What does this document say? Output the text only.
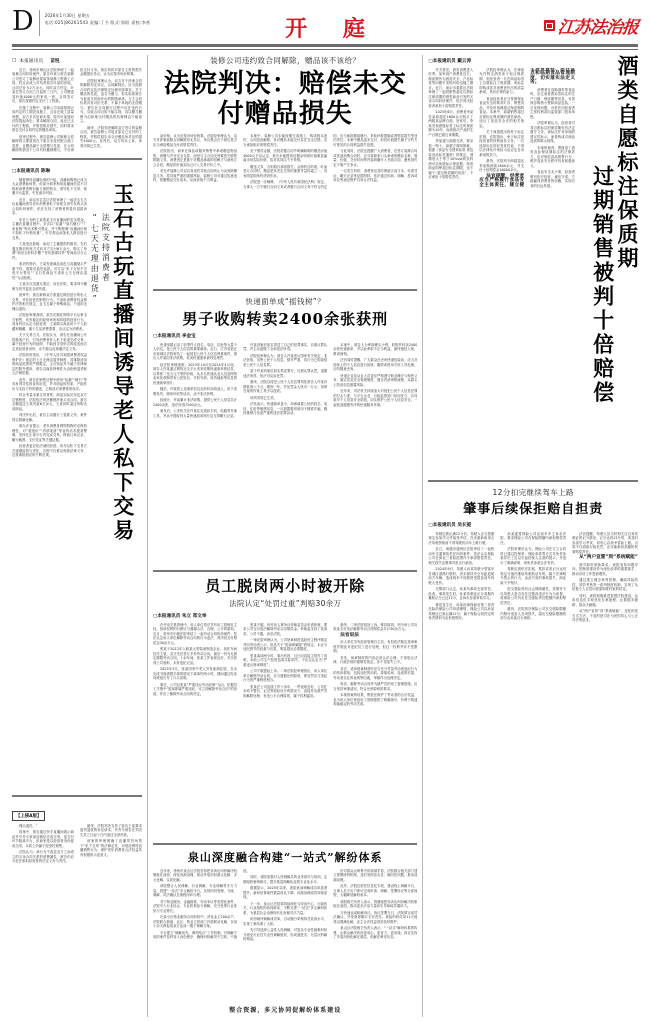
D	2026年1月30日 星期五
电话:025|86261543 责编:丁予 版式:郭阳 责校:李香	开 庭	江苏法治报
□ 本报通讯员 苗悦

近日，徐州市铜山区法院审理了一起装修合同纠纷案件，原告叶某与被告装修公司签订了装修房屋装饰装修工程施工合同，约定由该公司负责原告叶某的房屋，合同总价为2万余元。同时双方约定，叶某在签订合同之日起的三日内，公司赠送其价值4000元的家电一套。合同签订后，原告按照约定支付了工程款。

在施工过程中，装修公司未能按照合同约定的工期完成施工，且存在施工质量问题，双方多次协商未果。原告叶某遂向法院提起诉讼，要求解除合同，返还已支付的工程款，并赔偿相应损失，同时要求被告交付合同约定的赠品家电。

庭审过程中，被告装修公司辩称合同解除的主要原因在于原告未及时配合施工进度，且赠品属于无偿赠与性质，在合同解除的情况下公司有权撤销赠与，不应承担交付义务。被告同时对原告主张的损失金额提出异议，认为应按市场价核算。

法院经审理认为，双方对于涉案合同的解除均无异议，合同解除后，应当按照合同约定及法律规定处理后续事宜。关于赠品的性质，虽名为赠与，但实际系被告为促成交易而作出的附随承诺，与主合同价款具有对价关系，不属于单纯的无偿赠与。被告在合同履行过程中存在违约行为，导致合同目的不能实现，其以赠与撤销为由拒绝交付赠品的抗辩理由不能成立。

最终，法院判决解除双方签订的装修合同，被告装修公司返还原告已支付的工程款，并赔偿原告未交付赠品所对应的损失4000元。宣判后，双方均未上诉，该判决现已生效。

□本报通讯员 陈琳

随着网络直播电商的兴起，直播间购物已成为大众消费新场景，但部分商家利用直播间信息不对称和消费者辨识能力弱的特点，诱导私下交易，规避平台监管，引发诸多纠纷。

近日，南京市玄武区法院审理了一起因玉石古玩直播间诱导老年消费者私下转账交易引发的买卖合同纠纷案件，依法支持了消费者的退货退款诉求。

年近七旬的王某系某玉石直播间的忠实观众。主播在直播过程中，多次以“捡漏”“原石赌石”“厂家直销”等话术吸引观众，并不断强调“直播间价格不如私下价格优惠”，引导观众添加私人微信进行交易。

王某受此影响，添加了主播提供的微信，先后通过微信转账方式向对方支付6万余元，购买了所谓“和田玉籽料手镯”“老坑翡翠挂件”等商品共计五件。

收到货物后，王某发现商品成色与直播展示严重不符，遂要求退货退款。对方以“私下交易不享受平台售后”“玉石类商品不适用七天无理由退货”为由拒绝。

王某多次沟通无果后，诉至法院，要求判令撤销交易并退还全部货款。

庭审中，被告辩称双方系通过微信进行的私人交易，并非经营性销售行为，不适用消费者权益保护法的相关规定，且玉石属于特殊商品，不适用无理由退货。

法院经审理查明，被告长期在网络平台从事玉石销售，具有稳定的经营场所和持续的经营行为，其身份应认定为经营者；王某购买商品用于个人收藏和佩戴，属于生活消费需要，应认定为消费者。

关于交易方式，法院认为，被告在直播间公开招揽客户后，引导消费者转入私下渠道完成交易，属于经营行为的延伸，不能因交易形式的改变而否定其经营者身份，亦不能以此规避法定义务。

法院同时指出，《中华人民共和国消费者权益保护法》规定的七日无理由退货制度，其排除适用的商品范围有严格限定，玉石饰品并不属于法律规定的除外情形，被告以商品特殊性为由拒绝退货缺乏法律依据。

此外，被告在销售过程中使用“捡漏”“赌石”等具有诱导性的宣传用语，并对商品的材质、产地作出与实际不符的描述，已构成对消费者的误导。

综合考量本案交易背景、商品实际状况及双方过错程度，法院依法判决撤销涉案买卖合同，被告全额退还王某货款6万余元，王某同时退还所购全部商品。

判决作出后，被告主动履行了退款义务，案件得以圆满化解。

承办法官提示，老年消费者网络购物时应保持理性，对“超低价”“内部渠道”等宣传话术提高警惕，坚持在正规平台内完成交易，保留订单记录、聊天截图、支付凭证等关键证据。

经营者更应依法诚信经营，切勿以私下交易方式逃避监管与责任，否则不仅难以免除法律义务，还将承担相应的不利后果。

“七天无理由退货” 法院支持消费者 玉石古玩直播间诱导老人私下交易
【上接A版】

理由退货。”

因案中，被告通过快手直播间展示商品并引导买家添加微信完成交易，虽支付环节脱离平台，但商家是以经营者身份促成交易，本质上仍属于经营性销售。

法院认为，该行为不改变双方之间成立的买卖合同关系的消费属性，被告仍应当依法承担经营者的法定义务与责任。

最终，法院判决支持了原告王某要求退货退款的诉讼请求，并责令被告在判决生效之日起十日内退还全部货款。

该案的审理明确了直播带货场景下“私下交易”的法律定性，对规范网络直播销售行为、保护老年消费者合法权益具有积极的示范意义。

装修公司违约致合同解除，赠品该不该给？
法院判决：赔偿未交付赠品损失

品价格，认为应按市场价核算。法院经审理认为，双方对涉案装修合同解除均无异议，争议焦点在于被告是否应当承担赠品交付或赔偿责任。

法院指出，商家在商品或服务销售中承诺赠送物品的，该赠与并非完全无偿，而是与主合同交易紧密关联的附随义务。消费者正是基于对赠品承诺的信赖才与商家订立合同，赠品的价值实际已计入交易对价之中。

若允许装修公司以自身违约导致合同终止为由免除赠送义务，将导致严重的道德风险，装修公司可通过故意违约，规避赠品交付成本，从而获取不当利益。

本案中，装修公司未能按期完成施工，构成根本违约，合同因此解除，其对赠品未能交付存在完全过错，应当承担相应的赔偿责任。

至于赔偿金额，法院依据合同中明确载明的赠品价值4000元予以认定，被告未能提供证据证明该价值明显偏离市场实际价格，故对其异议不予采纳。

赠送义务，否则原告承担损失。从缔约目的看，叶某签订合同时，赠品是其决定交易的重要考量因素之一，具有明显的缔约诱因作用。

法院进一步阐释，《中华人民共和国民法典》规定，当事人一方不履行合同义务或者履行合同义务不符合约定的，应当承担继续履行、采取补救措施或者赔偿损失等违约责任。本案中赠品虽未交付，但其价值损失属于守约方可预见的合同利益损失范围。

与此同时，法院也提醒广大消费者，在签订装修合同或其他消费合同时，应当将商家口头承诺的赠品名称、数量、价值、交付时间等内容明确写入书面合同，避免因约定不明产生争议。

一旦发生纠纷，消费者应及时保留合同文本、付款凭证、聊天记录等证据材料，依法通过协商、调解、投诉或诉讼等途径维护自身合法权益。

快递面单成“摇钱树”？
男子收购转卖2400余张获刑
□本报通讯员 李金宝

快递单据记录了收寄件人姓名、电话、住址等大量个人信息，是公民个人信息的重要载体。近日，江苏省宿迁市宿城区法院审结了一起侵犯公民个人信息刑事案件，被告人许某因非法收购、转卖快递面单被判处刑罚。

经法院审理查明，2023年10月至2024年4月间，被告人许某通过网络社交平台发布收购快递面单的信息，以每张二至五元不等的价格，从多名快递从业人员及网络卖家处收购带有公民姓名、手机号码、收货地址等信息的快递面单照片。

随后，许某将上述面单信息加价转卖给他人，用于虚假发货、刷单炒信等活动，从中非法获利。

经统计，许某累计非法收购、提供公民个人信息共计2400余张，违法所得7200余元。

案发后，公安机关在许某住处查扣手机、电脑等作案工具，并从中提取到大量快递面单图片及交易聊天记录。

许某到案后如实供述了自己的犯罪事实，自愿认罪认罚，并主动退缴了全部违法所得。

法院经审理认为，被告人许某违反国家有关规定，非法获取、出售公民个人信息，情节严重，其行为已构成侵犯公民个人信息罪。

鉴于许某到案后如实供述罪行，自愿认罪认罚，退缴违法所得，依法可从轻处罚。

最终，法院以侵犯公民个人信息罪判处被告人许某有期徒刑八个月，缓刑一年，并处罚金人民币一万元；扣押在案的作案工具予以没收。

该判决现已生效。

法官表示，快递面单虽小，却承载着公民的姓名、电话、住址等敏感信息，一旦泄露极易被用于精准诈骗、骚扰推销乃至更严重的违法犯罪活动。

本案中，被告人为牟取蝇头小利，收购并转卖2400余张快递面单，并以此牟取不正当利益，最终锒铛入狱，教训深刻。

法官同时提醒，广大群众在丢弃快递包装前，应当对面单上的个人信息进行涂抹、撕毁或使用专用工具处理，切勿随意丢弃。

快递企业及从业人员更应严格遵守职业操守与保密义务，落实信息安全管理制度，健全内部审核流程，从源头上防范信息泄露风险。

近年来，司法机关持续加大对侵犯公民个人信息犯罪的打击力度，与平台企业、行政监管部门协同发力，共同筑牢个人信息安全防线，切实维护公民个人信息安全，一起营造健康有序的快递服务环境。

员工脱岗两小时被开除
法院认定“处罚过重”判赔30余万
□本报通讯员 朱立 郑文举

在劳动关系管理中，用人单位依法享有用工管理自主权，但该权利的行使应当遵循合法、合理、公平的原则。近日，常州市中级法院审结了一起劳动合同纠纷案件，依法认定用人单位解除劳动合同的行为违法，判决其支付赔偿金30余万元。

张某于2012年入职某大型装备制造企业，担任车间技术主管，双方先后签订多份劳动合同，最后一份为无固定期限劳动合同。十余年间，张某工作表现良好，多次获得公司表彰，未有违纪记录。

2025年3月，张某因家中老人突发疾病住院，在未完成书面请假手续的情况下离岗约两小时，期间通过电话向班组长作了口头说明。

事后，公司以张某“严重违反劳动纪律”为由，依据员工手册中“脱岗即属严重违纪，可立即解除劳动合同”的条款，作出了解除劳动合同的决定。

张某不服，向劳动人事争议仲裁委员会申请仲裁，要求公司支付违法解除劳动合同赔偿金。仲裁委支持了其请求，公司不服，诉至法院。

一审法院审理认为，公司规章制度虽经民主程序制定并向劳动者公示，但其关于“脱岗即解除”的规定，未区分违纪情节的轻重与后果，明显超出必要限度。

张某离岗两小时，事出有因，且已向直接主管作了说明，未给公司生产经营造成实际损失，不足以认定为“严重违反规章制度”。

公司不服提起上诉。二审法院经审理指出，用人单位单方解除劳动合同，应当遵循比例原则，即处罚应与违纪行为的严重程度相当。

张某在公司连续工作十余年，一贯表现良好，公司在未给予警告、记过等较轻处分的情况下，直接作出最严厉的解除处理，有违公平合理原则，属于权利滥用。

最终，二审法院驳回上诉，维持原判，判令该公司向张某支付违法解除劳动合同赔偿金共计30余万元。

法官说法

用人单位享有经营管理自主权，有权依法制定规章制度并据此对违纪员工进行处理，但这一权利并非不受限制。

首先，规章制度的内容必须合法合理，不得违反法律、行政法规的强制性规定，亦不得显失公平。

其次，适用规章制度时应当充分考量劳动者违纪行为的具体情形，包括违纪的动机、持续时间、造成的后果、劳动者以往的表现等因素，审慎作出处理决定。

再次，解除劳动合同作为最严厉的用工管理措施，应当坚持审慎适用，符合比例原则的要求。

本案的裁判结果，既依法维护了劳动者的合法权益，也为用人单位规范用工管理提供了明确指引，有利于构建和谐稳定的劳动关系。

泉山深度融合构建“一站式”解纷体系

近年来，徐州市泉山区法院坚持把非诉讼纠纷解决机制挺在前面，深化诉源治理，推动矛盾纠纷源头化解、多元化解、实质化解。

该院整合人民调解、行业调解、专业调解等多方力量，搭建“一站式”多元解纷平台，实现纠纷受理、分流、调解、司法确认全流程闭环办理。

对于物业服务、金融借款、劳动争议等类型化案件，法院引入行业协会、专业机构参与调解，充分发挥行业优势与专业特长。

在某小区物业服务合同纠纷中，涉及业主200余户，法院联合街道、社区、物业主管部门开展联动化解，仅用十余天即促成双方达成一揽子调解方案。

平台建立“调解优先、调判结合”工作机制，对调解不成的案件及时转入诉讼程序，确保纠纷解决不空转、不拖延。

同时，该院加强对人民调解员的业务指导与培训，定期组织案例研讨，提升基层调解队伍的专业化水平。

数据显示，2025年以来，该院诉前调解成功率显著提升，新收民事案件数量同比下降，诉源治理成效持续显现。

下一步，泉山区法院将持续深化与综治中心、行政机关、行业组织的协同联动，不断完善“一站式”多元解纷体系，为基层社会治理现代化贡献司法力量。

纠纷始终调解成功率，自动履行率保持在较高水平，实现了案结事了人和。

先引导选择公益性人民调解，对复杂专业性疑难纠纷分流至行业性专业性调解组织，形成递进式、分层次的解纷格局。

针对群众反映集中的高频矛盾，法院联合相关部门建立预警研判机制，及时发现苗头性、倾向性问题，推动前端治理。

此外，法院还依托信息化手段，建设线上调解平台，当事人足不出户即可完成申请、调解、签署协议等全部流程，大幅降低解纷成本。

该院相关负责人表示，将继续把非诉讼纠纷解决机制挺在前面，推动更多法治力量向引导和疏导端用力。

方快速达成和解协议。协议签署当日，法院即完成司法确认，开发商即履行支付责任。该起纠纷仅用11天便得以圆满化解，业主合法权益得到及时维护。

泉山区法院相关负责人表示，“一站式”解纷体系的构建，让群众解决纠纷更省心、更省力、更省钱，真正实现了矛盾纠纷化解在基层、化解在萌芽状态。

整合资源，多元协同促解纷体系建设
□本报通讯员 戴云涛

年关将至，酒类消费进入旺季。某家庭户消费者近日，保质期外为酒品安全、产品标签等问题引发的纠纷也随之增多。近日，南京市秦淮区法院审理了一起因销售超过自愿标注保质期的酒类商品引发的买卖合同纠纷案件，依法判决经营者承担十倍赔偿责任。

2025年6月，消费者李某在某商超花1600余元购买了两箱某品牌白酒。回家后，李某发现酒瓶标签上标注的保质期为10年，而该批次产品的生产日期已超过该期限。

李某遂与商超交涉，要求退一赔十。商超方面则辩称，根据《食品安全国家标准 预包装食品标签通则》的规定，酒精度大于等于10%vol的饮料酒可以免除标示保质期，故该商品即使超过标注期限，也不属于“超过保质期的食品”，不应承担十倍赔偿责任。

法院经审理认为，法律虽允许特定酒类免于标注保质期，但经营者一旦在商品标签上自愿标注了保质期，该标注即构成其对消费者作出的质量承诺，具有法律约束力。

食品经营者应当按照保证食品安全的要求贮存、销售食品，并及时清理超过保质期的食品。本案中，商超销售超过自愿标注保质期的酒类商品，违反了食品安全法的相关规定。

关于商超提出的免于标注抗辩，法院指出，免于标注是经营者的权利而非义务，一旦选择标注即应受其约束，不得以法律允许免标为由否定自身承诺的效力。

最终，法院判令商超退还李某购酒款1600余元，并支付十倍赔偿金16000余元。

法官提醒，经营者应当严格履行食品安全主体责任，建立健全进货查验、库存盘点和临期食品管理制度，切实落实法定义务。

消费者在选购酒类等食品时，应注意查看标签标注的生产日期、保质期等信息，妥善保存购物小票和商品包装，一旦发现问题，可依法向经营者主张权利或向监管部门投诉举报。

法院审理认为，经营者对其自愿标注的保质期负有法定遵守义务，该标注并非单纯的建议性标示，而是构成对商品品质的明示担保。

本案的裁判，既厘清了酒类食品保质期标注的法律效力，也对规范食品销售行为、维护食品安全秩序具有积极意义。

食品安全无小事，经营者唯有依法经营、诚信守诺，方能赢得消费者的信赖，实现自身的长远发展。	过期销售被判十倍赔偿
酒类自愿标注保质期
12分扣完继续驾车上路
肇事后续保拒赔自担责
□本报通讯员 吴长提

驾驶证被记满12分后，驾驶人应当按照规定参加学习并接受考试，在未重新取得合法驾驶资格前不得驾驶机动车上路行驶。

近日，南通市通州区法院审结了一起机动车交通事故责任纠纷案件，依法认定保险公司在商业三者险范围内不承担赔偿责任，相关损失由肇事司机自行承担。

2024年9月，驾驶人孙某驾驶小型客车在城区道路行驶时，因未保持安全车距追尾前方车辆，造成两车不同程度受损及前车驾驶人受伤。

交警部门认定，孙某负事故全部责任。经查，事故发生时，孙某驾驶证记分周期内累积记分已达12分，且尚未参加审验学习。

事故发生后，孙某向承保商业第三者责任险的保险公司申请理赔，保险公司以孙某驾驶证已被记满12分、属于保险合同约定的免责情形为由拒绝赔付。

孙某遂将保险公司及前车车主诉至法院，要求保险公司在保险限额内承担赔偿责任。

法院审理后认为，保险公司在订立合同时已通过投保单、保险条款等方式对免责条款作出了足以引起投保人注意的提示，并进行了明确说明，该免责条款合法有效。

驾驶证被依法扣留、暂扣或者记分达到规定分值仍继续驾驶机动车的，属于法律明令禁止的行为，由此引发的事故损失，商业险不予赔付。

但交强险具有社会保障属性，其赔付不以驾驶人是否存在过错或违法行为为前提，故保险公司仍应在交强险责任限额内承担赔偿责任。

最终，法院判决保险公司在交强险限额内赔付受害人各项损失，超出交强险限额的部分由孙某自行承担。

法官提醒，驾驶人应当时刻关注自身驾驶证的记分情况，记分达到12分的，须及时参加学习考试，切勿心存侥幸冒险上路，否则不仅面临行政处罚，还可能承担高额的民事赔偿责任。

从“两户宣誓”到“系统赋能”

面对新形势新要求，该院坚持问题导向，把制度建设作为深化改革的重要抓手，推动各项工作提质增效。

通过建立健全审判管理、廉政风险防控、绩效考核等一系列制度机制，实现了从依靠个人自觉向依靠制度约束的转变。

同时，该院积极推进智慧法院建设，运用信息化手段优化办案流程，让数据多跑路、群众少跑腿。

从“两户宣誓”到“系统赋能”，变化的是方式方法，不变的是司法为民的初心与公正司法的追求。
